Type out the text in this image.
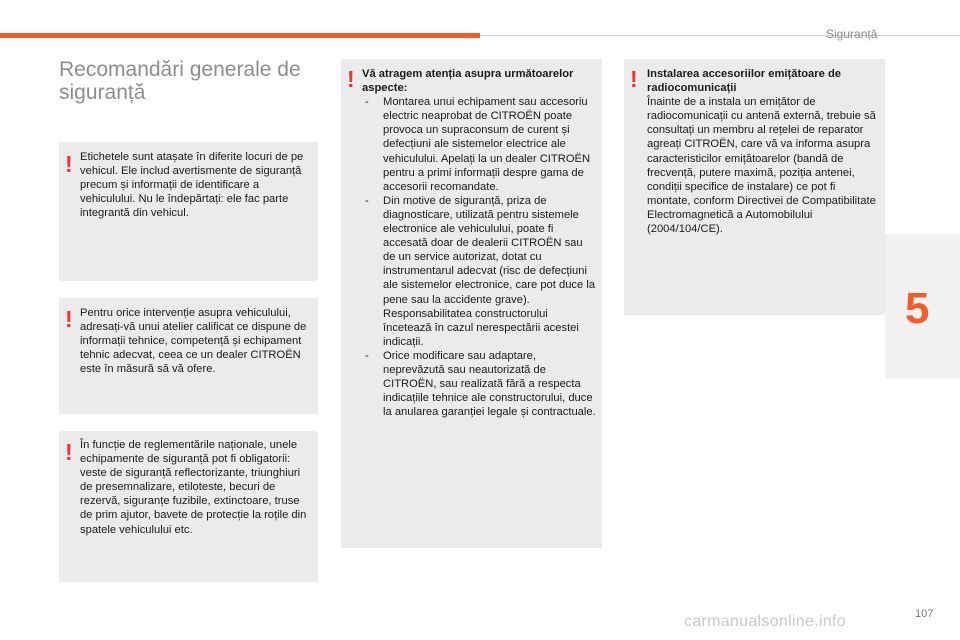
Siguranță
Recomandări generale de siguranță
! Etichetele sunt atașate în diferite locuri de pe vehicul. Ele includ avertismente de siguranță precum și informații de identificare a vehiculului. Nu le îndepărtați: ele fac parte integrantă din vehicul.
! Pentru orice intervenție asupra vehiculului, adresați-vă unui atelier calificat ce dispune de informații tehnice, competență și echipament tehnic adecvat, ceea ce un dealer CITROËN este în măsură să vă ofere.
! În funcție de reglementările naționale, unele echipamente de siguranță pot fi obligatorii: veste de siguranță reflectorizante, triunghiuri de presemnalizare, etiloteste, becuri de rezervă, siguranțe fuzibile, extinctoare, truse de prim ajutor, bavete de protecție la roțile din spatele vehiculului etc.
! Vă atragem atenția asupra următoarelor aspecte:
- Montarea unui echipament sau accesoriu electric neaprobat de CITROËN poate provoca un supraconsum de curent și defecțiuni ale sistemelor electrice ale vehiculului. Apelați la un dealer CITROËN pentru a primi informații despre gama de accesorii recomandate.
- Din motive de siguranță, priza de diagnosticare, utilizată pentru sistemele electronice ale vehiculului, poate fi accesată doar de dealerii CITROËN sau de un service autorizat, dotat cu instrumentarul adecvat (risc de defecțiuni ale sistemelor electronice, care pot duce la pene sau la accidente grave). Responsabilitatea constructorului încetează în cazul nerespectării acestei indicații.
- Orice modificare sau adaptare, neprevăzută sau neautorizată de CITROËN, sau realizată fără a respecta indicațiile tehnice ale constructorului, duce la anularea garanției legale și contractuale.
! Instalarea accesoriilor emițătoare de radiocomunicații
Înainte de a instala un emițător de radiocomunicații cu antenă externă, trebuie să consultați un membru al rețelei de reparator agreați CITROËN, care vă va informa asupra caracteristicilor emițătoarelor (bandă de frecvență, putere maximă, poziția antenei, condiții specifice de instalare) ce pot fi montate, conform Directivei de Compatibilitate Electromagnetică a Automobilului (2004/104/CE).
5
107
carmanualsonline.info
